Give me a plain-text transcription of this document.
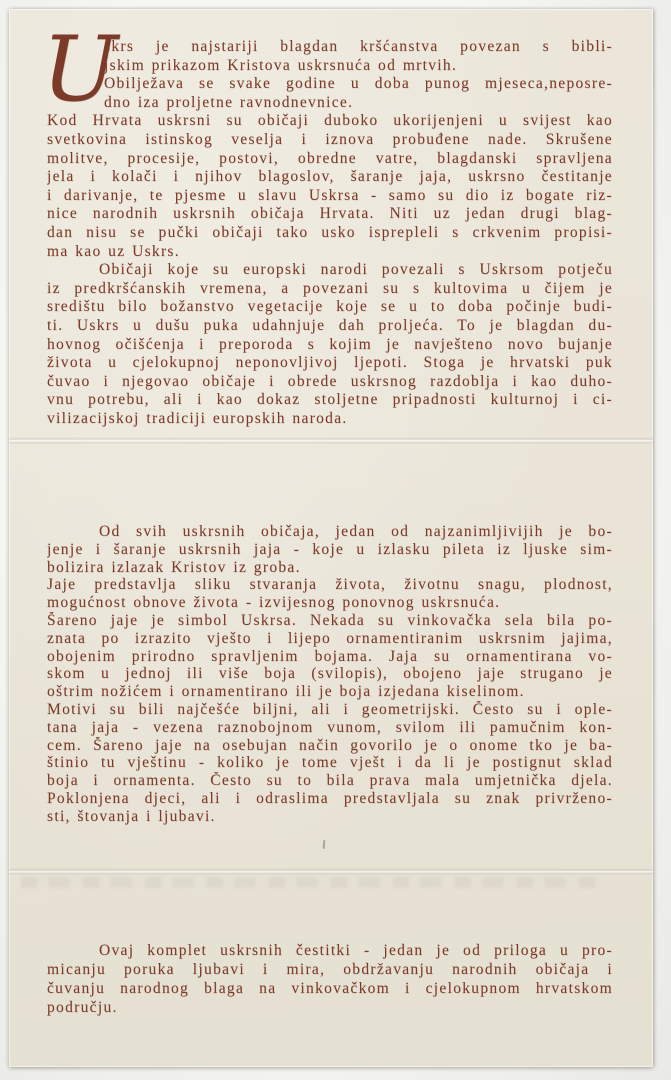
U
skrs je najstariji blagdan kršćanstva povezan s bibli-
jskim prikazom Kristova uskrsnuća od mrtvih.
Obilježava se svake godine u doba punog mjeseca,neposre-
dno iza proljetne ravnodnevnice.
Kod Hrvata uskrsni su običaji duboko ukorijenjeni u svijest kao
svetkovina istinskog veselja i iznova probuđene nade. Skrušene
molitve, procesije, postovi, obredne vatre, blagdanski spravljena
jela i kolači i njihov blagoslov, šaranje jaja, uskrsno čestitanje
i darivanje, te pjesme u slavu Uskrsa - samo su dio iz bogate riz-
nice narodnih uskrsnih običaja Hrvata. Niti uz jedan drugi blag-
dan nisu se pučki običaji tako usko isprepleli s crkvenim propisi-
ma kao uz Uskrs.
Običaji koje su europski narodi povezali s Uskrsom potječu
iz predkršćanskih vremena, a povezani su s kultovima u čijem je
središtu bilo božanstvo vegetacije koje se u to doba počinje budi-
ti. Uskrs u dušu puka udahnjuje dah proljeća. To je blagdan du-
hovnog očišćenja i preporoda s kojim je navješteno novo bujanje
života u cjelokupnoj neponovljivoj ljepoti. Stoga je hrvatski puk
čuvao i njegovao običaje i obrede uskrsnog razdoblja i kao duho-
vnu potrebu, ali i kao dokaz stoljetne pripadnosti kulturnoj i ci-
vilizacijskoj tradiciji europskih naroda.
Od svih uskrsnih običaja, jedan od najzanimljivijih je bo-
jenje i šaranje uskrsnih jaja - koje u izlasku pileta iz ljuske sim-
bolizira izlazak Kristov iz groba.
Jaje predstavlja sliku stvaranja života, životnu snagu, plodnost,
mogućnost obnove života - izvijesnog ponovnog uskrsnuća.
Šareno jaje je simbol Uskrsa. Nekada su vinkovačka sela bila po-
znata po izrazito vješto i lijepo ornamentiranim uskrsnim jajima,
obojenim prirodno spravljenim bojama. Jaja su ornamentirana vo-
skom u jednoj ili više boja (svilopis), obojeno jaje strugano je
oštrim nožićem i ornamentirano ili je boja izjedana kiselinom.
Motivi su bili najčešće biljni, ali i geometrijski. Često su i ople-
tana jaja - vezena raznobojnom vunom, svilom ili pamučnim kon-
cem. Šareno jaje na osebujan način govorilo je o onome tko je ba-
štinio tu vještinu - koliko je tome vješt i da li je postignut sklad
boja i ornamenta. Često su to bila prava mala umjetnička djela.
Poklonjena djeci, ali i odraslima predstavljala su znak privrženo-
sti, štovanja i ljubavi.
Ovaj komplet uskrsnih čestitki - jedan je od priloga u pro-
micanju poruka ljubavi i mira, obdržavanju narodnih običaja i
čuvanju narodnog blaga na vinkovačkom i cjelokupnom hrvatskom
području.
